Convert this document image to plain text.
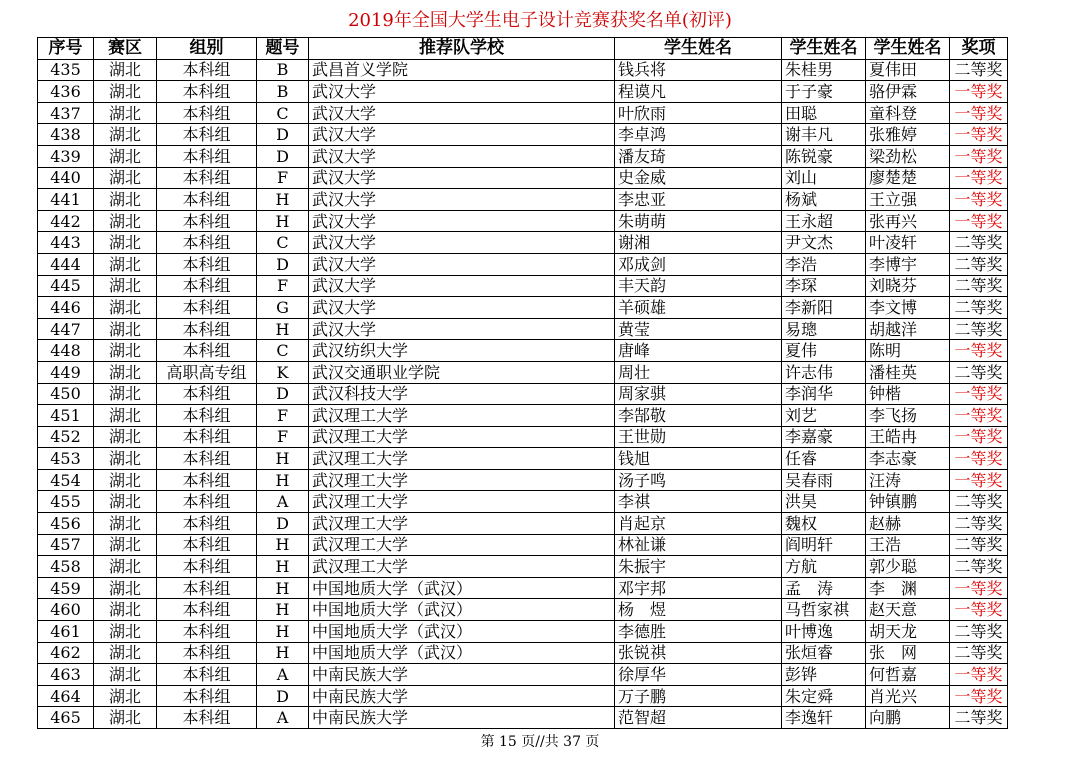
2019年全国大学生电子设计竞赛获奖名单(初评)
序号	赛区	组别	题号	推荐队学校	学生姓名	学生姓名	学生姓名	奖项
435	湖北	本科组	B	武昌首义学院	钱兵将	朱桂男	夏伟田	二等奖
436	湖北	本科组	B	武汉大学	程谟凡	于子豪	骆伊霖	一等奖
437	湖北	本科组	C	武汉大学	叶欣雨	田聪	童科登	一等奖
438	湖北	本科组	D	武汉大学	李卓鸿	谢丰凡	张雅婷	一等奖
439	湖北	本科组	D	武汉大学	潘友琦	陈锐豪	梁劲松	一等奖
440	湖北	本科组	F	武汉大学	史金威	刘山	廖楚楚	一等奖
441	湖北	本科组	H	武汉大学	李忠亚	杨斌	王立强	一等奖
442	湖北	本科组	H	武汉大学	朱萌萌	王永超	张再兴	一等奖
443	湖北	本科组	C	武汉大学	谢湘	尹文杰	叶凌轩	二等奖
444	湖北	本科组	D	武汉大学	邓成剑	李浩	李博宇	二等奖
445	湖北	本科组	F	武汉大学	丰天韵	李琛	刘晓芬	二等奖
446	湖北	本科组	G	武汉大学	羊硕雄	李新阳	李文博	二等奖
447	湖北	本科组	H	武汉大学	黄莹	易璁	胡越洋	二等奖
448	湖北	本科组	C	武汉纺织大学	唐峰	夏伟	陈明	一等奖
449	湖北	高职高专组	K	武汉交通职业学院	周壮	许志伟	潘桂英	二等奖
450	湖北	本科组	D	武汉科技大学	周家骐	李润华	钟楷	一等奖
451	湖北	本科组	F	武汉理工大学	李郜敬	刘艺	李飞扬	一等奖
452	湖北	本科组	F	武汉理工大学	王世勋	李嘉豪	王皓冉	一等奖
453	湖北	本科组	H	武汉理工大学	钱旭	任睿	李志豪	一等奖
454	湖北	本科组	H	武汉理工大学	汤子鸣	吴春雨	汪涛	一等奖
455	湖北	本科组	A	武汉理工大学	李祺	洪昊	钟镇鹏	二等奖
456	湖北	本科组	D	武汉理工大学	肖起京	魏权	赵赫	二等奖
457	湖北	本科组	H	武汉理工大学	林祉谦	阎明轩	王浩	二等奖
458	湖北	本科组	H	武汉理工大学	朱振宇	方航	郭少聪	二等奖
459	湖北	本科组	H	中国地质大学（武汉）	邓宇邦	孟　涛	李　渊	一等奖
460	湖北	本科组	H	中国地质大学（武汉）	杨　煜	马哲家祺	赵天意	一等奖
461	湖北	本科组	H	中国地质大学（武汉）	李德胜	叶博逸	胡天龙	二等奖
462	湖北	本科组	H	中国地质大学（武汉）	张锐祺	张烜睿	张　网	二等奖
463	湖北	本科组	A	中南民族大学	徐厚华	彭铧	何哲嘉	一等奖
464	湖北	本科组	D	中南民族大学	万子鹏	朱定舜	肖光兴	一等奖
465	湖北	本科组	A	中南民族大学	范智超	李逸轩	向鹏	二等奖
第 15 页//共 37 页
